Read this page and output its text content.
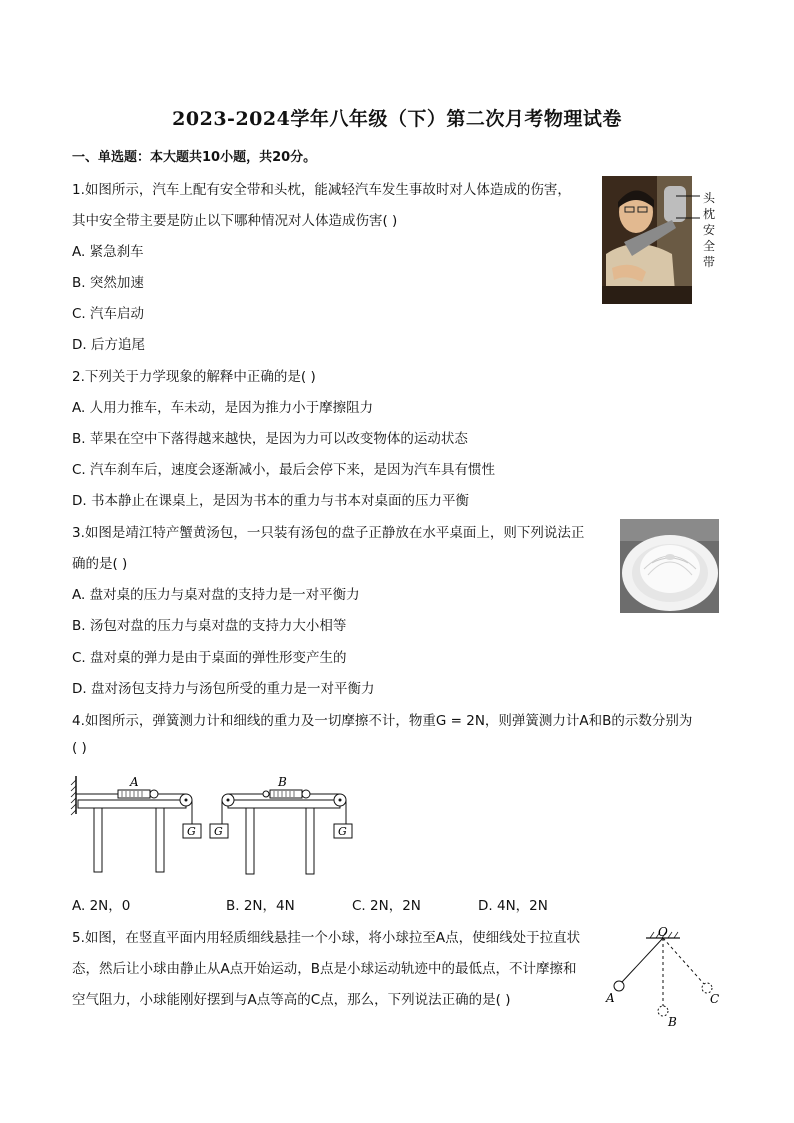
2023-2024学年八年级（下）第二次月考物理试卷
一、单选题：本大题共10小题，共20分。
1.如图所示，汽车上配有安全带和头枕，能减轻汽车发生事故时对人体造成的伤害，
其中安全带主要是防止以下哪种情况对人体造成伤害( )
A. 紧急刹车
B. 突然加速
C. 汽车启动
D. 后方追尾
头
枕
安
全
带
2.下列关于力学现象的解释中正确的是( )
A. 人用力推车，车未动，是因为推力小于摩擦阻力
B. 苹果在空中下落得越来越快，是因为力可以改变物体的运动状态
C. 汽车刹车后，速度会逐渐减小，最后会停下来，是因为汽车具有惯性
D. 书本静止在课桌上，是因为书本的重力与书本对桌面的压力平衡
3.如图是靖江特产蟹黄汤包，一只装有汤包的盘子正静放在水平桌面上，则下列说法正
确的是( )
A. 盘对桌的压力与桌对盘的支持力是一对平衡力
B. 汤包对盘的压力与桌对盘的支持力大小相等
C. 盘对桌的弹力是由于桌面的弹性形变产生的
D. 盘对汤包支持力与汤包所受的重力是一对平衡力
4.如图所示，弹簧测力计和细线的重力及一切摩擦不计，物重G = 2N，则弹簧测力计A和B的示数分别为
( )
G
A
G	G
B
A. 2N，0	B. 2N，4N	C. 2N，2N	D. 4N，2N
5.如图，在竖直平面内用轻质细线悬挂一个小球，将小球拉至A点，使细线处于拉直状
态，然后让小球由静止从A点开始运动，B点是小球运动轨迹中的最低点，不计摩擦和
空气阻力，小球能刚好摆到与A点等高的C点，那么，下列说法正确的是( )
O
A
B
C
